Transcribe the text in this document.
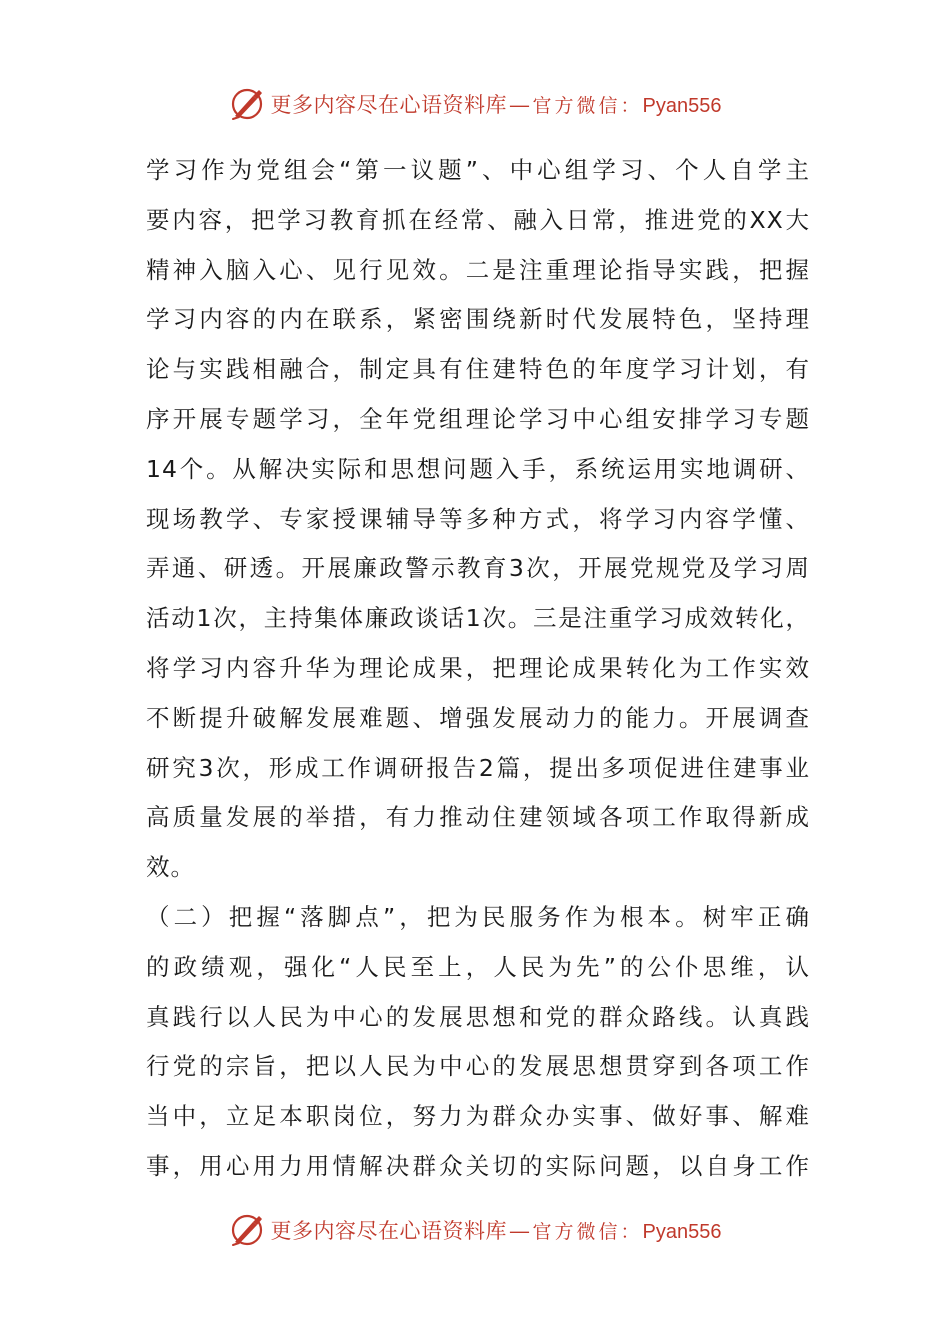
更多内容尽在心语资料库— 官方微信：Pyan556
学习作为党组会“第一议题”、中心组学习、个人自学主
要内容，把学习教育抓在经常、融入日常，推进党的XX大
精神入脑入心、见行见效。二是注重理论指导实践，把握
学习内容的内在联系，紧密围绕新时代发展特色，坚持理
论与实践相融合，制定具有住建特色的年度学习计划，有
序开展专题学习，全年党组理论学习中心组安排学习专题
14个。从解决实际和思想问题入手，系统运用实地调研、
现场教学、专家授课辅导等多种方式，将学习内容学懂、
弄通、研透。开展廉政警示教育3次，开展党规党及学习周
活动1次，主持集体廉政谈话1次。三是注重学习成效转化，
将学习内容升华为理论成果，把理论成果转化为工作实效
不断提升破解发展难题、增强发展动力的能力。开展调查
研究3次，形成工作调研报告2篇，提出多项促进住建事业
高质量发展的举措，有力推动住建领域各项工作取得新成
效。
（二）把握“落脚点”，把为民服务作为根本。树牢正确
的政绩观，强化“人民至上，人民为先”的公仆思维，认
真践行以人民为中心的发展思想和党的群众路线。认真践
行党的宗旨，把以人民为中心的发展思想贯穿到各项工作
当中，立足本职岗位，努力为群众办实事、做好事、解难
事，用心用力用情解决群众关切的实际问题，以自身工作
更多内容尽在心语资料库— 官方微信：Pyan556
